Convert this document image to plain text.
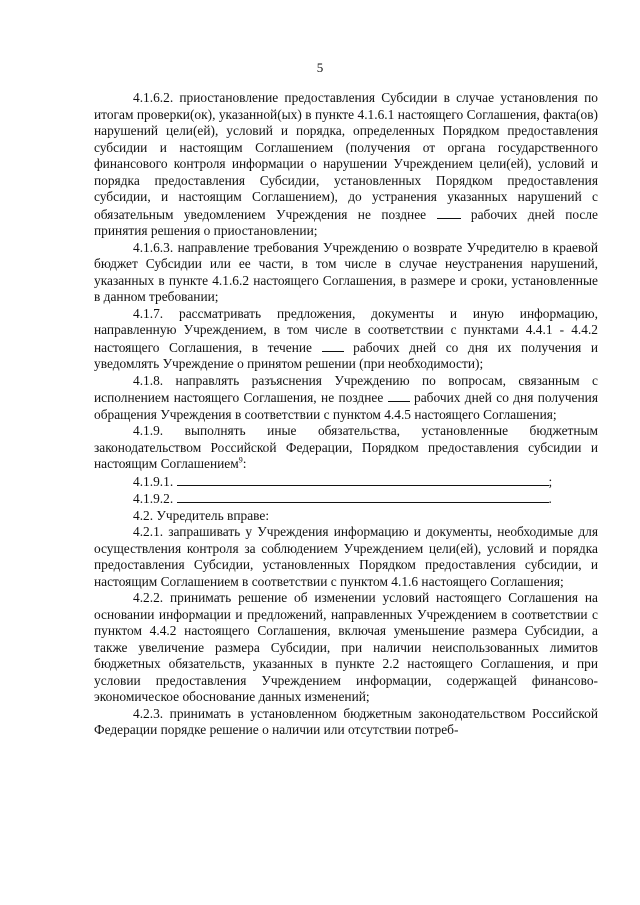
5

4.1.6.2. приостановление предоставления Субсидии в случае установления по итогам проверки(ок), указанной(ых) в пункте 4.1.6.1 настоящего Соглашения, факта(ов) нарушений цели(ей), условий и порядка, определенных Порядком предоставления субсидии и настоящим Соглашением (получения от органа государственного финансового контроля информации о нарушении Учреждением цели(ей), условий и порядка предоставления Субсидии, установленных Порядком предоставления субсидии, и настоящим Соглашением), до устранения указанных нарушений с обязательным уведомлением Учреждения не позднее	рабочих дней после принятия решения о приостановлении;

4.1.6.3. направление требования Учреждению о возврате Учредителю в краевой бюджет Субсидии или ее части, в том числе в случае неустранения нарушений, указанных в пункте 4.1.6.2 настоящего Соглашения, в размере и сроки, установленные в данном требовании;

4.1.7. рассматривать предложения, документы и иную информацию, направленную Учреждением, в том числе в соответствии с пунктами 4.4.1 - 4.4.2 настоящего Соглашения, в течение	рабочих дней со дня их получения и уведомлять Учреждение о принятом решении (при необходимости);

4.1.8. направлять разъяснения Учреждению по вопросам, связанным с исполнением настоящего Соглашения, не позднее рабочих дней со дня получения обращения Учреждения в соответствии с пунктом 4.4.5 настоящего Соглашения;

4.1.9. выполнять иные обязательства, установленные бюджетным законодательством Российской Федерации, Порядком предоставления субсидии и настоящим Соглашением$^9$:

4.1.9.1.	;

4.1.9.2.	.

4.2. Учредитель вправе:

4.2.1. запрашивать у Учреждения информацию и документы, необходимые для осуществления контроля за соблюдением Учреждением цели(ей), условий и порядка предоставления Субсидии, установленных Порядком предоставления субсидии, и настоящим Соглашением в соответствии с пунктом 4.1.6 настоящего Соглашения;

4.2.2. принимать решение об изменении условий настоящего Соглашения на основании информации и предложений, направленных Учреждением в соответствии с пунктом 4.4.2 настоящего Соглашения, включая уменьшение размера Субсидии, а также увеличение размера Субсидии, при наличии неиспользованных лимитов бюджетных обязательств, указанных в пункте 2.2 настоящего Соглашения, и при условии предоставления Учреждением информации, содержащей финансово-экономическое обоснование данных изменений;

4.2.3. принимать в установленном бюджетным законодательством Российской Федерации порядке решение о наличии или отсутствии потреб-
